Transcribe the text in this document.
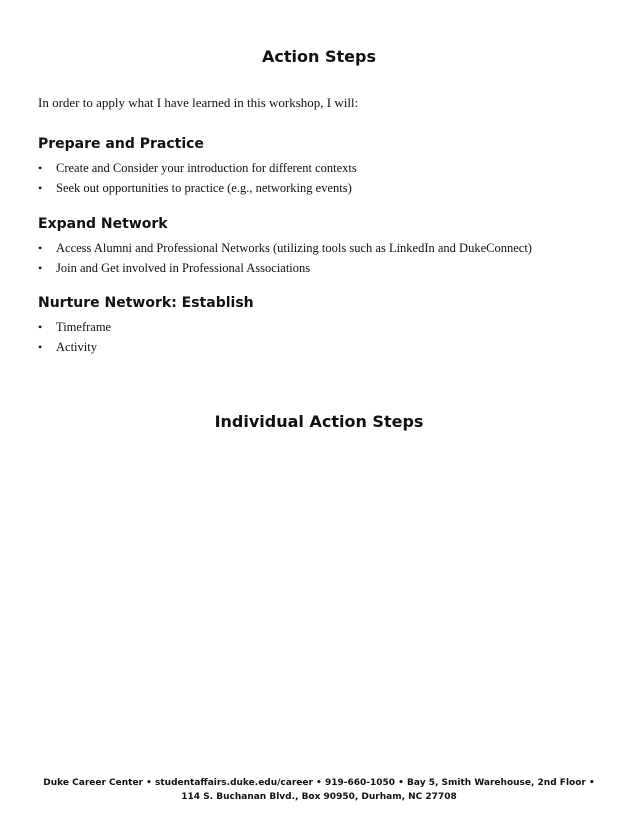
Action Steps

In order to apply what I have learned in this workshop, I will:

Prepare and Practice
• Create and Consider your introduction for different contexts
• Seek out opportunities to practice (e.g., networking events)
Expand Network
• Access Alumni and Professional Networks (utilizing tools such as LinkedIn and DukeConnect)
• Join and Get involved in Professional Associations
Nurture Network: Establish
• Timeframe
• Activity
Individual Action Steps
Duke Career Center • studentaffairs.duke.edu/career • 919-660-1050 • Bay 5, Smith Warehouse, 2nd Floor •
114 S. Buchanan Blvd., Box 90950, Durham, NC 27708
